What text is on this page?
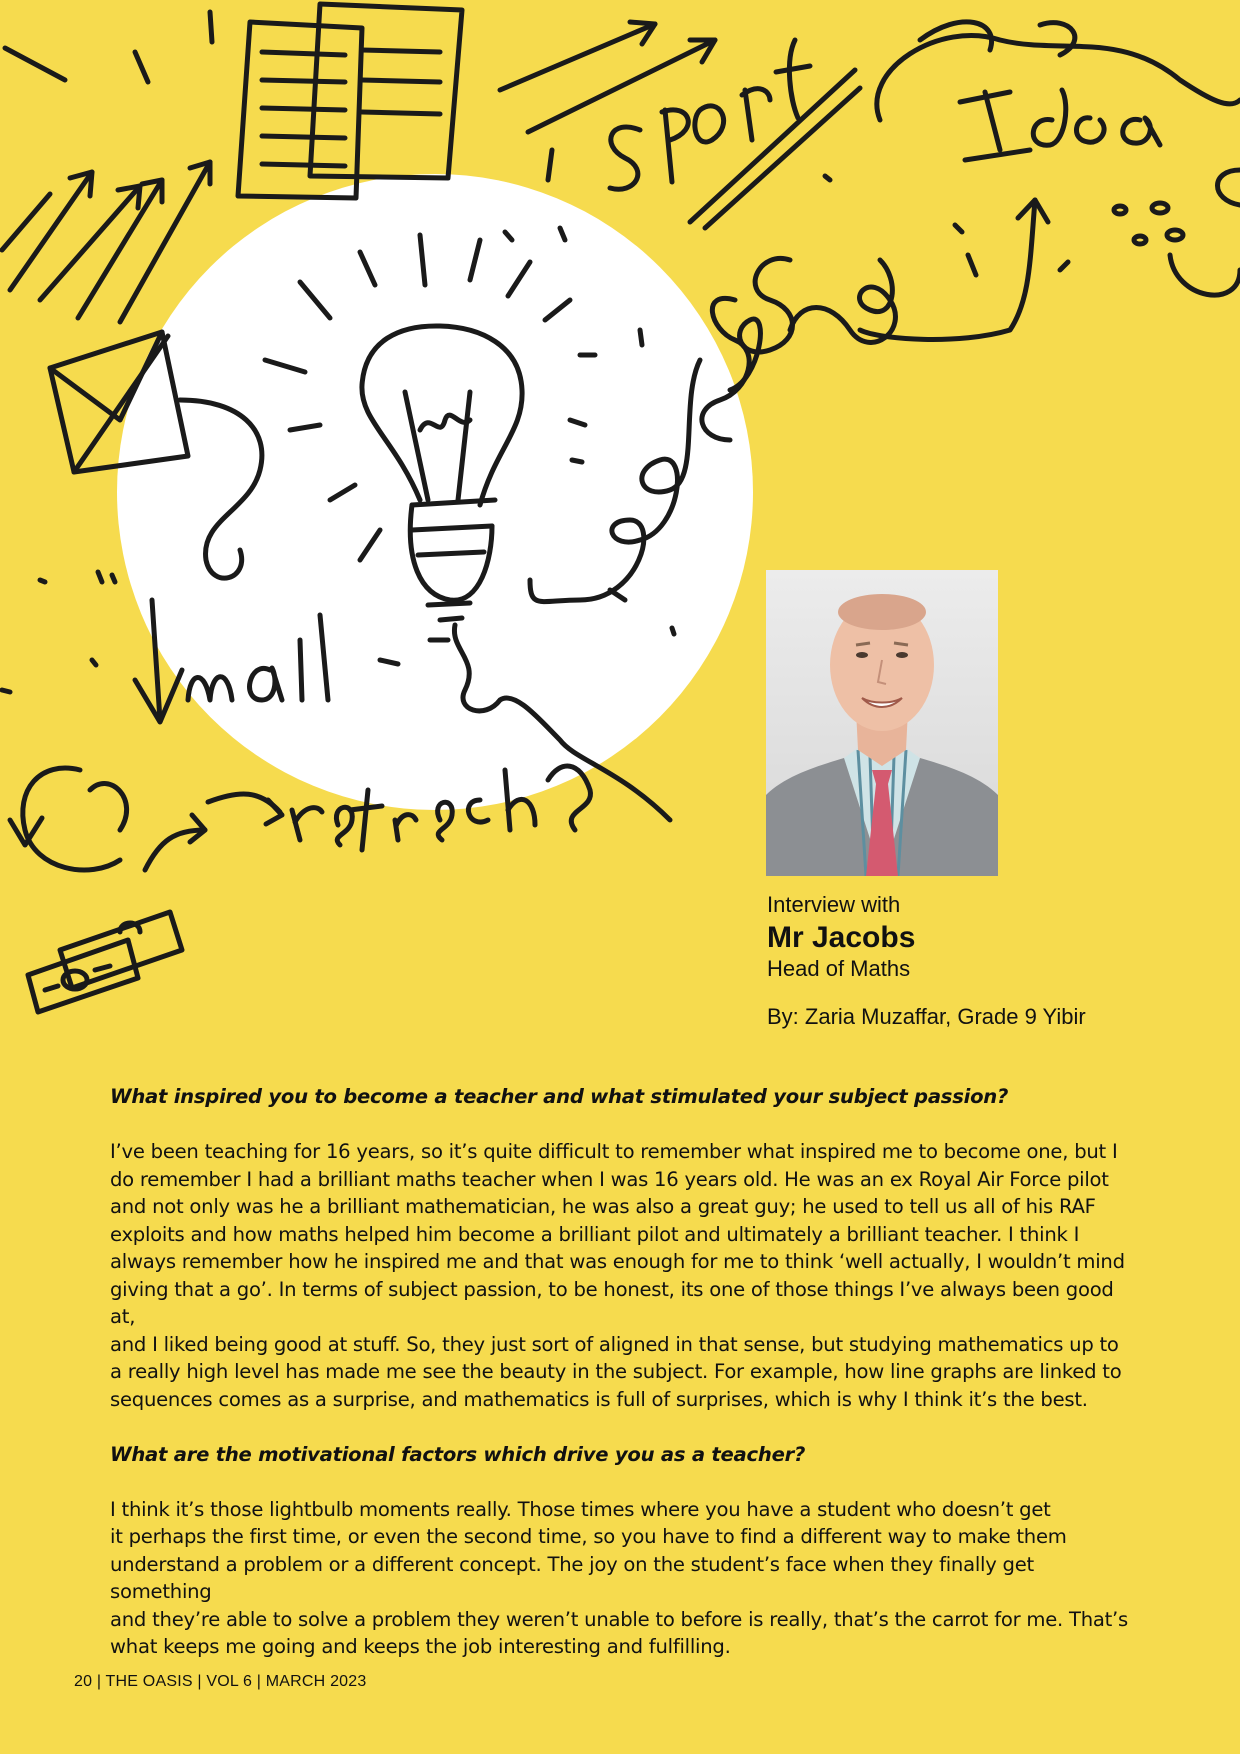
sport
Idea
mail
refresh
Interview with
Mr Jacobs
Head of Maths
By: Zaria Muzaffar, Grade 9 Yibir

What inspired you to become a teacher and what stimulated your subject passion?

I’ve been teaching for 16 years, so it’s quite difficult to remember what inspired me to become one, but I
do remember I had a brilliant maths teacher when I was 16 years old. He was an ex Royal Air Force pilot
and not only was he a brilliant mathematician, he was also a great guy; he used to tell us all of his RAF
exploits and how maths helped him become a brilliant pilot and ultimately a brilliant teacher. I think I
always remember how he inspired me and that was enough for me to think ‘well actually, I wouldn’t mind
giving that a go’. In terms of subject passion, to be honest, its one of those things I’ve always been good at,
and I liked being good at stuff. So, they just sort of aligned in that sense, but studying mathematics up to
a really high level has made me see the beauty in the subject. For example, how line graphs are linked to
sequences comes as a surprise, and mathematics is full of surprises, which is why I think it’s the best.

What are the motivational factors which drive you as a teacher?

I think it’s those lightbulb moments really. Those times where you have a student who doesn’t get
it perhaps the first time, or even the second time, so you have to find a different way to make them
understand a problem or a different concept. The joy on the student’s face when they finally get something
and they’re able to solve a problem they weren’t unable to before is really, that’s the carrot for me. That’s
what keeps me going and keeps the job interesting and fulfilling.

20 | THE OASIS | VOL 6 | MARCH 2023
